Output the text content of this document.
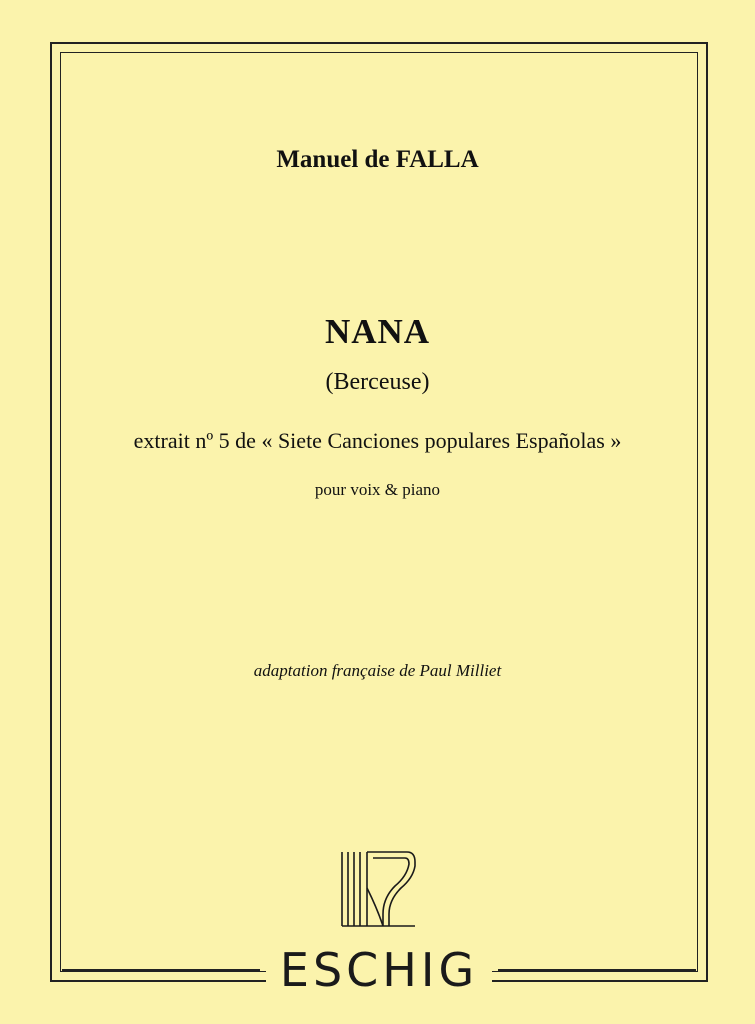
Manuel de FALLA
NANA
(Berceuse)
extrait nº 5 de « Siete Canciones populares Españolas »
pour voix & piano
adaptation française de Paul Milliet
ESCHIG
